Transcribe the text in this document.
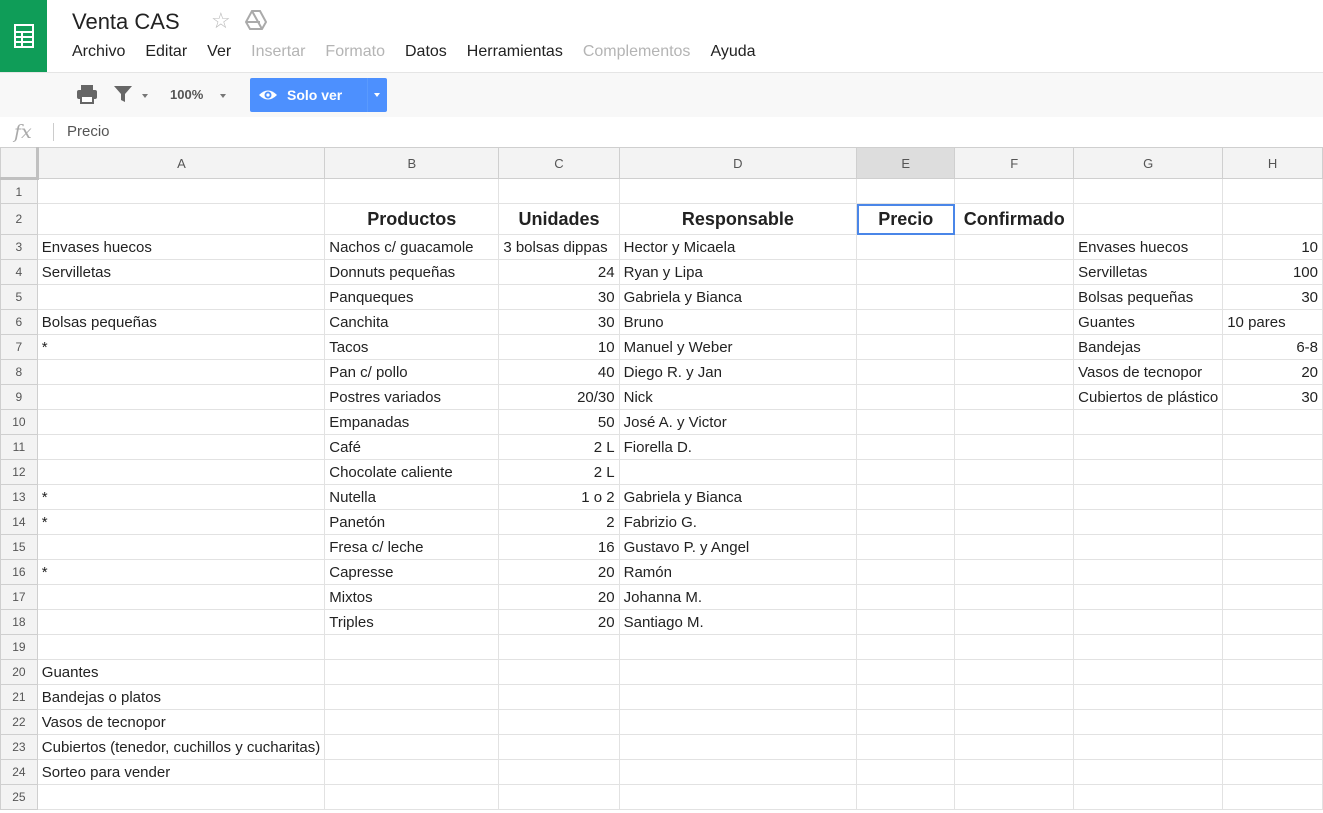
Venta CAS ☆
Archivo	Editar	Ver	Insertar	Formato	Datos	Herramientas	Complementos	Ayuda
100%	Solo ver
fx Precio
	A	B	C	D	E	F	G	H
1								
2		Productos	Unidades	Responsable	Precio	Confirmado		
3	Envases huecos	Nachos c/ guacamole	3 bolsas dippas	Hector y Micaela			Envases huecos	10
4	Servilletas	Donnuts pequeñas	24	Ryan y Lipa			Servilletas	100
5		Panqueques	30	Gabriela y Bianca			Bolsas pequeñas	30
6	Bolsas pequeñas	Canchita	30	Bruno			Guantes	10 pares
7	*	Tacos	10	Manuel y Weber			Bandejas	6-8
8		Pan c/ pollo	40	Diego R. y Jan			Vasos de tecnopor	20
9		Postres variados	20/30	Nick			Cubiertos de plástico	30
10		Empanadas	50	José A. y Victor				
11		Café	2 L	Fiorella D.				
12		Chocolate caliente	2 L					
13	*	Nutella	1 o 2	Gabriela y Bianca				
14	*	Panetón	2	Fabrizio G.				
15		Fresa c/ leche	16	Gustavo P. y Angel				
16	*	Capresse	20	Ramón				
17		Mixtos	20	Johanna M.				
18		Triples	20	Santiago M.				
19								
20	Guantes							
21	Bandejas o platos							
22	Vasos de tecnopor							
23	Cubiertos (tenedor, cuchillos y cucharitas)							
24	Sorteo para vender							
25								
